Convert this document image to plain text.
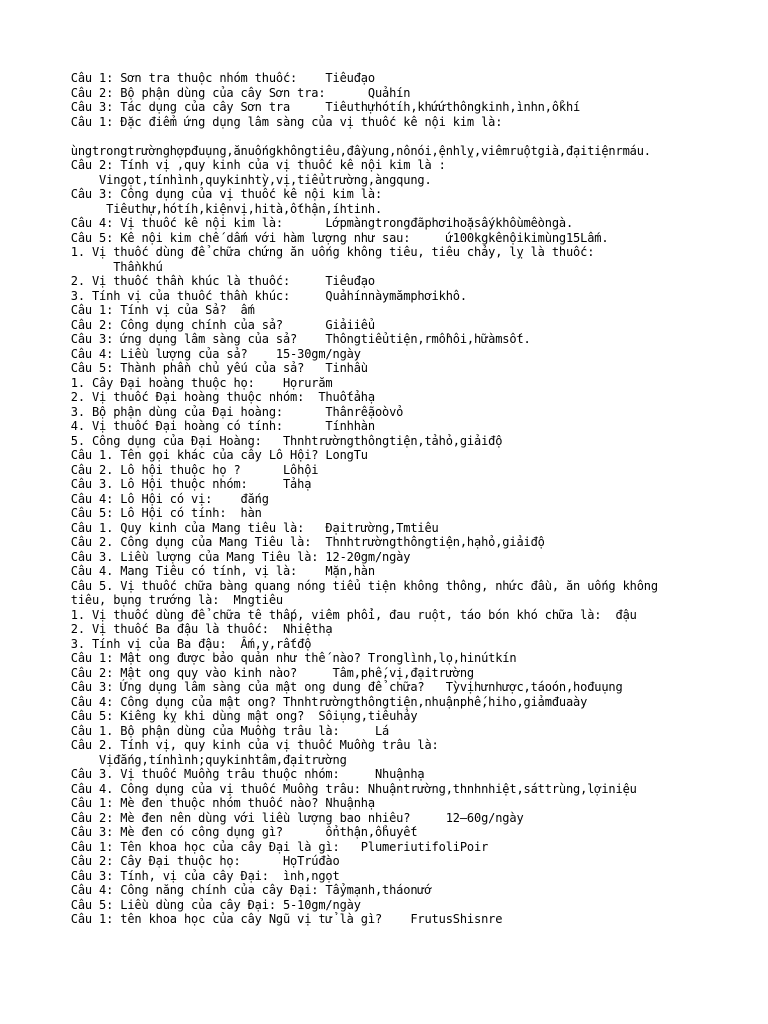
Câu 1: Sơn tra thuộc nhóm thuốc:    Tiêuđạo

Câu 2: Bộ phận dùng của cây Sơn tra:      Quảhín

Câu 3: Tác dụng của cây Sơn tra     Tiêuthựhótíh,khứứthôngkinh,ìnhn,ổkhí

Câu 1: Đặc điểm ứng dụng lâm sàng của vị thuốc kê nội kim là:

ùngtrongtrườnghợpđuụng,ănuốngkhôngtiêu,đầyung,nônói,ệnhlỵ,viêmruộtgià,đạitiệnrmáu.

Câu 2: Tính vị ,quy kinh của vị thuốc kê nội kim là :

Vingọt,tínhình,quykinhtỳ,vị,tiểutrường,àngqung.

Câu 3: Công dụng của vị thuốc kê nội kim là:

Tiêuthự,hótíh,kiệnvị,hità,ốthận,íhtinh.

Câu 4: Vị thuốc kê nội kim là:      Lớpmàngtrongđãphơihoặsấykhôùmềongà.

Câu 5: Kê nội kim chế dấm với hàm lượng như sau:     ứ100kgkênộikimùng15Lấm.

1. Vị thuốc dùng để chữa chứng ăn uống không tiêu, tiêu chảy, lỵ là thuốc:

Thầnkhú

2. Vị thuốc thần khúc là thuốc:     Tiêuđạo

3. Tính vị của thuốc thần khúc:     Quảhínnàymămphơikhô.

Câu 1: Tính vị của Sả?  ấm

Câu 2: Công dụng chính của sả?      Giảiiểu

Câu 3: ứng dụng lâm sàng của sả?    Thôngtiểutiện,rmồhôi,hữàmsốt.

Câu 4: Liều lượng của sả?    15-30gm/ngày

Câu 5: Thành phần chủ yếu của sả?   Tinhầu

1. Cây Đại hoàng thuộc họ:    Họrurăm

2. Vị thuốc Đại hoàng thuộc nhóm:  Thuốtảhạ

3. Bộ phận dùng của Đại hoàng:      Thânrễạoòvỏ

4. Vị thuốc Đại hoàng có tính:      Tínhhàn

5. Công dụng của Đại Hoàng:   Thnhtrườngthôngtiện,tảhỏ,giảiđộ

Câu 1. Tên gọi khác của cây Lô Hội? LongTu

Câu 2. Lô hội thuộc họ ?      Lôhội

Câu 3. Lô Hội thuộc nhóm:     Tảhạ

Câu 4: Lô Hội có vị:    đắng

Câu 5: Lô Hội có tính:  hàn

Câu 1. Quy kinh của Mang tiêu là:   Đạitrường,Tmtiêu

Câu 2. Công dụng của Mang Tiêu là:  Thnhtrườngthôngtiện,hạhỏ,giảiđộ

Câu 3. Liều lượng của Mang Tiêu là: 12-20gm/ngày

Câu 4. Mang Tiêu có tính, vị là:    Mặn,hàn

Câu 5. Vị thuốc chữa bàng quang nóng tiểu tiện không thông, nhức đầu, ăn uống không

tiêu, bụng trướng là:  Mngtiêu

1. Vị thuốc dùng để chữa tê thấp, viêm phổi, đau ruột, táo bón khó chữa là:  đậu

2. Vị thuốc Ba đậu là thuốc:  Nhiệthạ

3. Tính vị của Ba đậu:  Ấm,y,rấtđộ

Câu 1: Mật ong được bảo quản như thế nào? Tronglình,lọ,hinútkín

Câu 2: Mật ong quy vào kinh nào?     Tâm,phế,vị,đạitrường

Câu 3: Ứng dụng lâm sàng của mật ong dung để chữa?   Tỳvịhưnhược,táoón,hođuụng

Câu 4: Công dụng của mật ong? Thnhtrườngthôngtiện,nhuậnphế,hiho,giảmđuaày

Câu 5: Kiêng kỵ khi dùng mật ong?  Sôiụng,tiêuhảy

Câu 1. Bộ phận dùng của Muồng trâu là:     Lá

Câu 2. Tính vị, quy kinh của vị thuốc Muồng trâu là:

Vịđắng,tínhình;quykinhtâm,đạitrường

Câu 3. Vị thuốc Muồng trâu thuộc nhóm:     Nhuậnhạ

Câu 4. Công dụng của vị thuốc Muồng trâu: Nhuậntrường,thnhnhiệt,sáttrùng,lợiniệu

Câu 1: Mè đen thuộc nhóm thuốc nào? Nhuậnhạ

Câu 2: Mè đen nên dùng với liều lượng bao nhiêu?     12–60g/ngày

Câu 3: Mè đen có công dụng gì?      ổnthận,ổhuyết

Câu 1: Tên khoa học của cây Đại là gì:   PlumeriutifoliPoir

Câu 2: Cây Đại thuộc họ:      HọTrúđào

Câu 3: Tính, vị của cây Đại:  ình,ngọt

Câu 4: Công năng chính của cây Đại: Tẩymạnh,tháonướ

Câu 5: Liều dùng của cây Đại: 5-10gm/ngày

Câu 1: tên khoa học của cây Ngũ vị tử là gì?    FrutusShisnre
